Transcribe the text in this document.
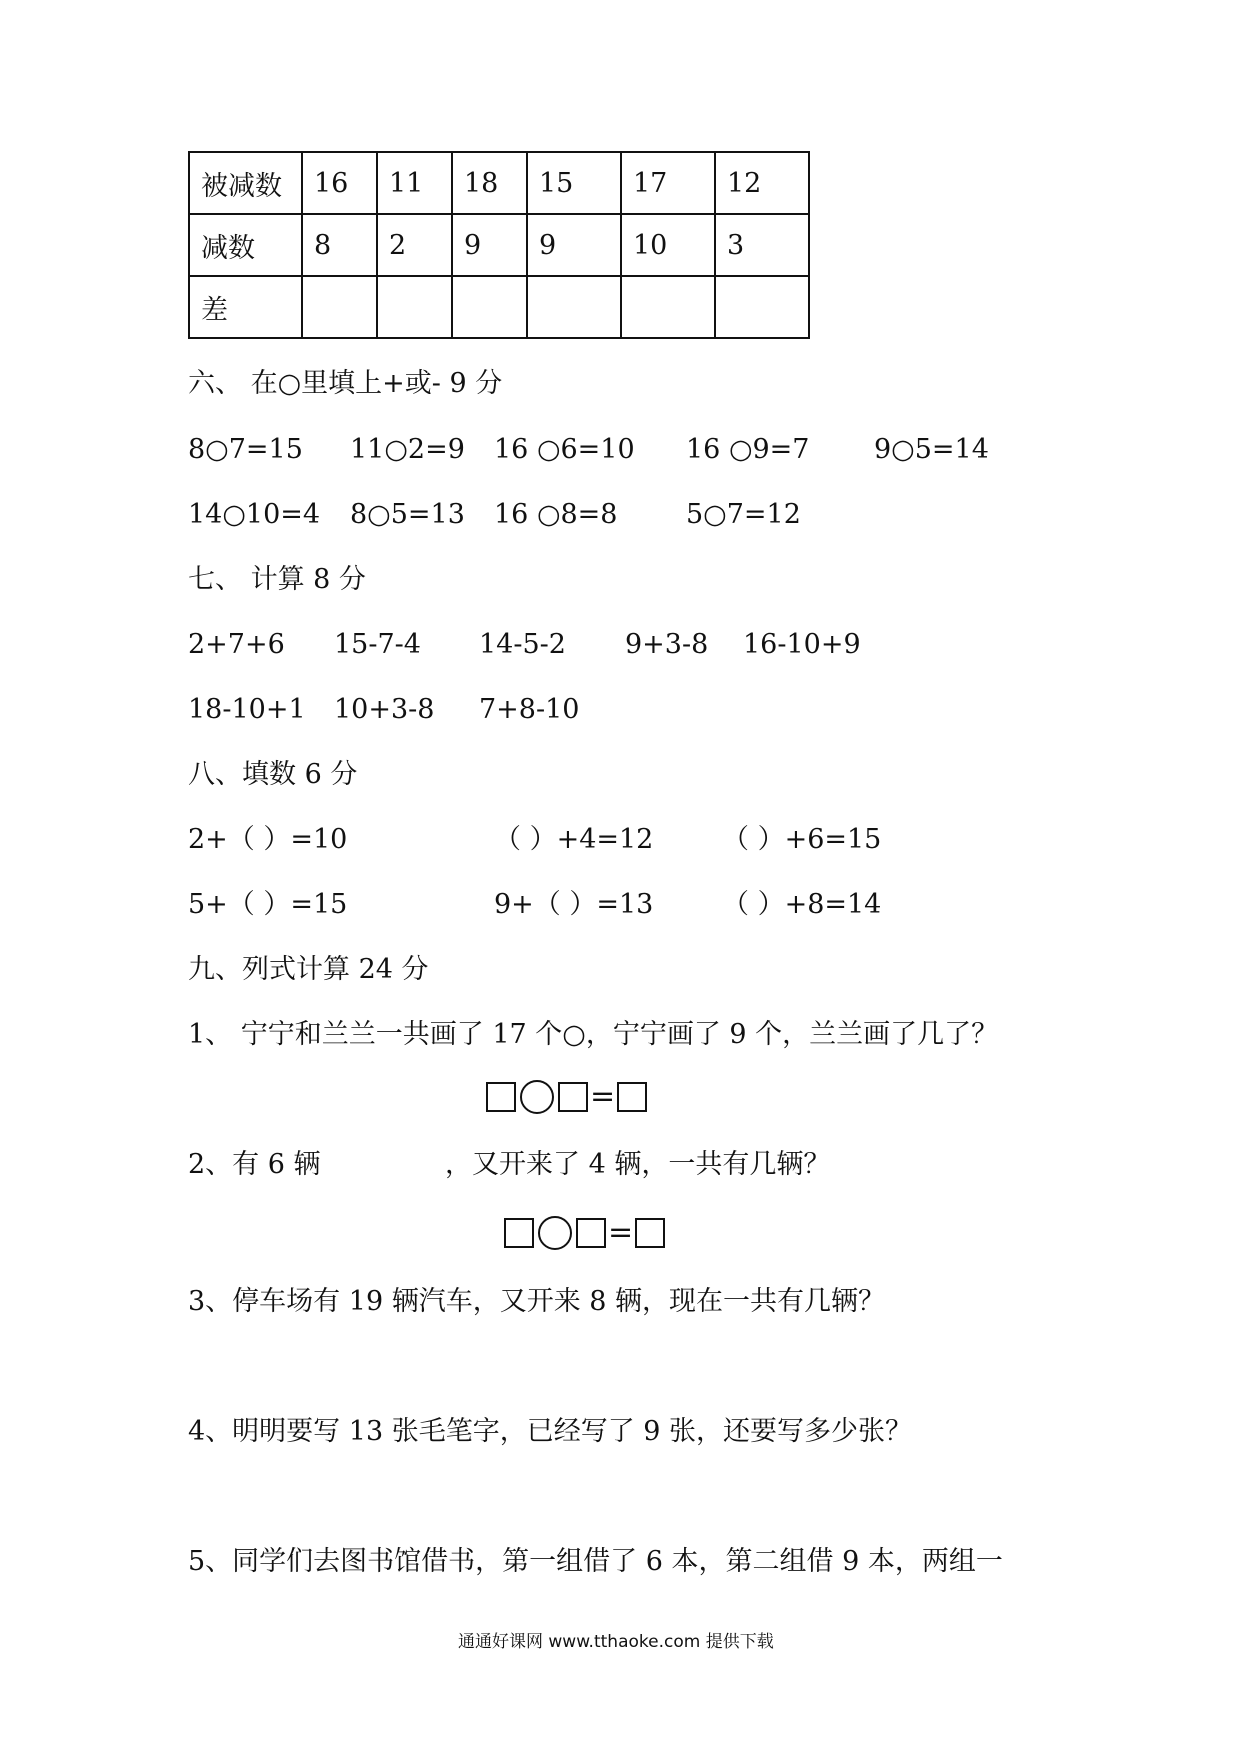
被减数	16	11	18	15	17	12
减数	8	2	9	9	10	3
差						
六、 在○里填上+或- 9 分
8○7=15 11○2=9 16 ○6=10 16 ○9=7 9○5=14
14○10=4 8○5=13 16 ○8=8	5○7=12
七、 计算 8 分
2+7+6 15-7-4 14-5-2 9+3-8 16-10+9
18-10+1 10+3-8 7+8-10
八、填数 6 分
2+（ ）=10	（ ）+4=12	（ ）+6=15
5+（ ）=15	9+（ ）=13	（ ）+8=14
九、列式计算 24 分
1、 宁宁和兰兰一共画了 17 个○，宁宁画了 9 个，兰兰画了几了？
=
2、有 6 辆	，又开来了 4 辆，一共有几辆？
=
3、停车场有 19 辆汽车，又开来 8 辆，现在一共有几辆？
4、明明要写 13 张毛笔字，已经写了 9 张，还要写多少张？
5、同学们去图书馆借书，第一组借了 6 本，第二组借 9 本，两组一
通通好课网 www.tthaoke.com 提供下载
